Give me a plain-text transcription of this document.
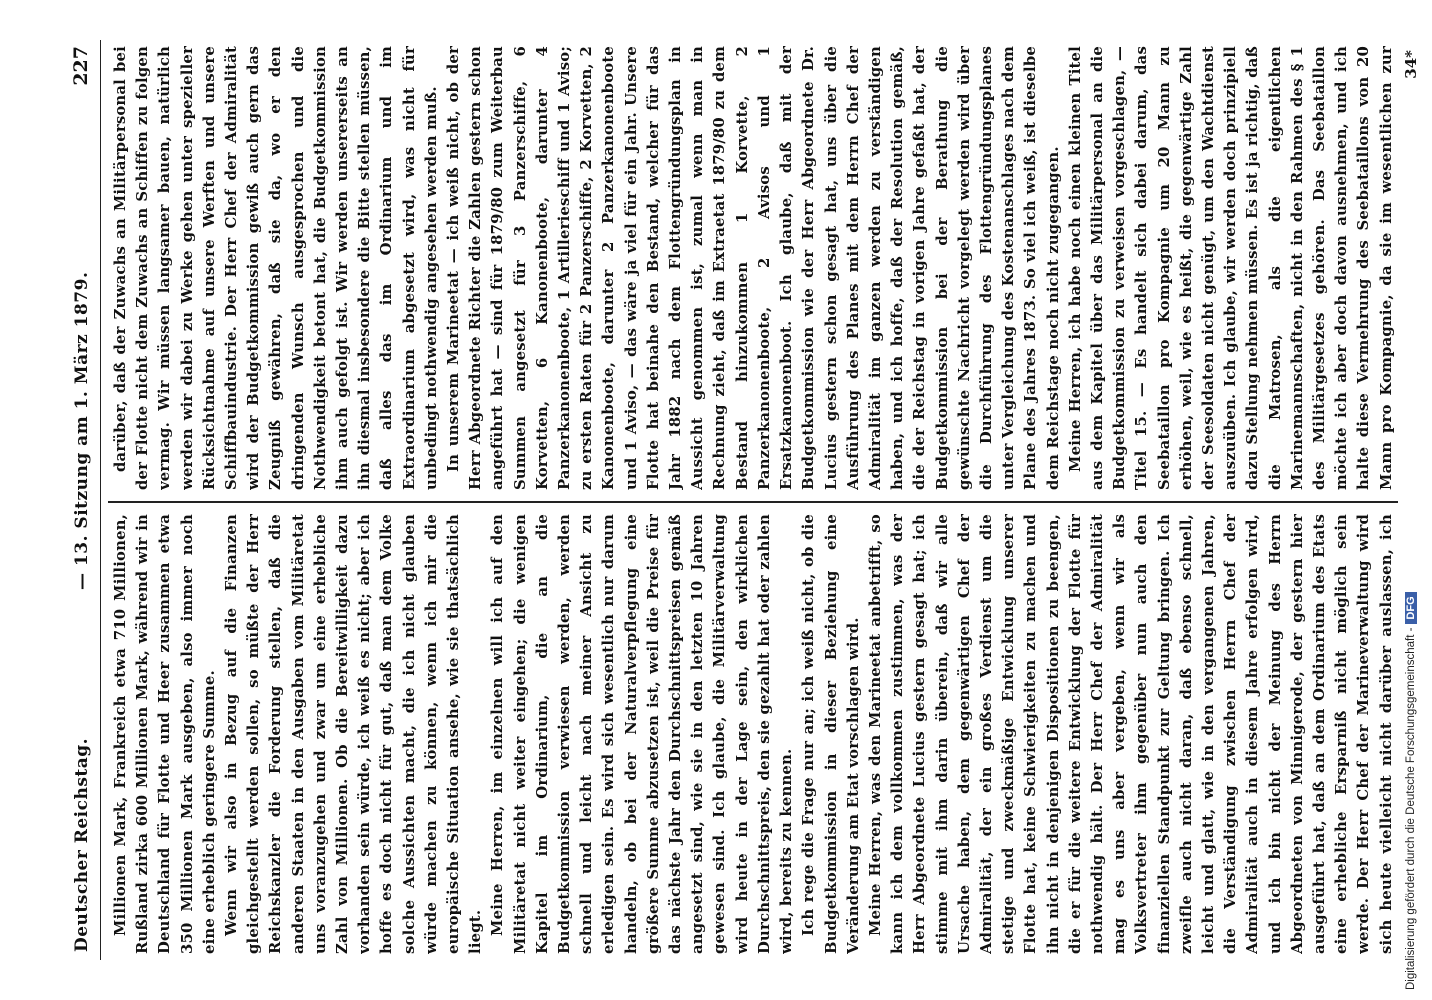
Deutscher Reichstag.
— 13. Sitzung am 1. März 1879.
227

Millionen Mark, Frankreich etwa 710 Millionen, Rußland zirka 600 Millionen Mark, während wir in Deutschland für Flotte und Heer zusammen etwa 350 Millionen Mark ausgeben, also immer noch eine erheblich geringere Summe. Wenn wir also in Bezug auf die Finanzen gleichgestellt werden sollen, so müßte der Herr Reichskanzler die Forderung stellen, daß die anderen Staaten in den Ausgaben vom Militäretat uns voranzugehen und zwar um eine erhebliche Zahl von Millionen. Ob die Bereitwilligkeit dazu vorhanden sein würde, ich weiß es nicht; aber ich hoffe es doch nicht für gut, daß man dem Volke solche Aussichten macht, die ich nicht glauben würde machen zu können, wenn ich mir die europäische Situation ansehe, wie sie thatsächlich liegt. Meine Herren, im einzelnen will ich auf den Militäretat nicht weiter eingehen; die wenigen Kapitel im Ordinarium, die an die Budgetkommission verwiesen werden, werden schnell und leicht nach meiner Ansicht zu erledigen sein. Es wird sich wesentlich nur darum handeln, ob bei der Naturalverpflegung eine größere Summe abzusetzen ist, weil die Preise für das nächste Jahr den Durchschnittspreisen gemäß angesetzt sind, wie sie in den letzten 10 Jahren gewesen sind. Ich glaube, die Militärverwaltung wird heute in der Lage sein, den wirklichen Durchschnittspreis, den sie gezahlt hat oder zahlen wird, bereits zu kennen. Ich rege die Frage nur an; ich weiß nicht, ob die Budgetkommission in dieser Beziehung eine Veränderung am Etat vorschlagen wird. Meine Herren, was den Marineetat anbetrifft, so kann ich dem vollkommen zustimmen, was der Herr Abgeordnete Lucius gestern gesagt hat; ich stimme mit ihm darin überein, daß wir alle Ursache haben, dem gegenwärtigen Chef der Admiralität, der ein großes Verdienst um die stetige und zweckmäßige Entwicklung unserer Flotte hat, keine Schwierigkeiten zu machen und ihn nicht in denjenigen Dispositionen zu beengen, die er für die weitere Entwicklung der Flotte für nothwendig hält. Der Herr Chef der Admiralität mag es uns aber vergeben, wenn wir als Volksvertreter ihm gegenüber nun auch den finanziellen Standpunkt zur Geltung bringen. Ich zweifle auch nicht daran, daß ebenso schnell, leicht und glatt, wie in den vergangenen Jahren, die Verständigung zwischen Herrn Chef der Admiralität auch in diesem Jahre erfolgen wird, und ich bin nicht der Meinung des Herrn Abgeordneten von Minnigerode, der gestern hier ausgeführt hat, daß an dem Ordinarium des Etats eine erhebliche Ersparniß nicht möglich sein werde. Der Herr Chef der Marineverwaltung wird sich heute vielleicht nicht darüber auslassen, ich

darüber, daß der Zuwachs an Militärpersonal bei der Flotte nicht dem Zuwachs an Schiffen zu folgen vermag. Wir müssen langsamer bauen, natürlich werden wir dabei zu Werke gehen unter spezieller Rücksichtnahme auf unsere Werften und unsere Schiffbauindustrie. Der Herr Chef der Admiralität wird der Budgetkommission gewiß auch gern das Zeugniß gewähren, daß sie da, wo er den dringenden Wunsch ausgesprochen und die Nothwendigkeit betont hat, die Budgetkommission ihm auch gefolgt ist. Wir werden unsererseits an ihn diesmal insbesondere die Bitte stellen müssen, daß alles das im Ordinarium und im Extraordinarium abgesetzt wird, was nicht für unbedingt nothwendig angesehen werden muß. In unserem Marineetat — ich weiß nicht, ob der Herr Abgeordnete Richter die Zahlen gestern schon angeführt hat — sind für 1879/80 zum Weiterbau Summen angesetzt für 3 Panzerschiffe, 6 Korvetten, 6 Kanonenboote, darunter 4 Panzerkanonenboote, 1 Artillerieschiff und 1 Aviso; zu ersten Raten für 2 Panzerschiffe, 2 Korvetten, 2 Kanonenboote, darunter 2 Panzerkanonenboote und 1 Aviso, — das wäre ja viel für ein Jahr. Unsere Flotte hat beinahe den Bestand, welcher für das Jahr 1882 nach dem Flottengründungsplan in Aussicht genommen ist, zumal wenn man in Rechnung zieht, daß im Extraetat 1879/80 zu dem Bestand hinzukommen 1 Korvette, 2 Panzerkanonenboote, 2 Avisos und 1 Ersatzkanonenboot. Ich glaube, daß mit der Budgetkommission wie der Herr Abgeordnete Dr. Lucius gestern schon gesagt hat, uns über die Ausführung des Planes mit dem Herrn Chef der Admiralität im ganzen werden zu verständigen haben, und ich hoffe, daß der Resolution gemäß, die der Reichstag in vorigen Jahre gefaßt hat, der Budgetkommission bei der Berathung die gewünschte Nachricht vorgelegt werden wird über die Durchführung des Flottengründungsplanes unter Vergleichung des Kostenanschlages nach dem Plane des Jahres 1873. So viel ich weiß, ist dieselbe dem Reichstage noch nicht zugegangen. Meine Herren, ich habe noch einen kleinen Titel aus dem Kapitel über das Militärpersonal an die Budgetkommission zu verweisen vorgeschlagen, — Titel 15. — Es handelt sich dabei darum, das Seebataillon pro Kompagnie um 20 Mann zu erhöhen, weil, wie es heißt, die gegenwärtige Zahl der Seesoldaten nicht genügt, um den Wachtdienst auszuüben. Ich glaube, wir werden doch prinzipiell dazu Stellung nehmen müssen. Es ist ja richtig, daß die Matrosen, als die eigentlichen Marinemannschaften, nicht in den Rahmen des § 1 des Militärgesetzes gehören. Das Seebataillon möchte ich aber doch davon ausnehmen, und ich halte diese Vermehrung des Seebataillons von 20 Mann pro Kompagnie, da sie im wesentlichen zur 34*
Digitalisierung gefördert durch die Deutsche Forschungsgemeinschaft -DFG
